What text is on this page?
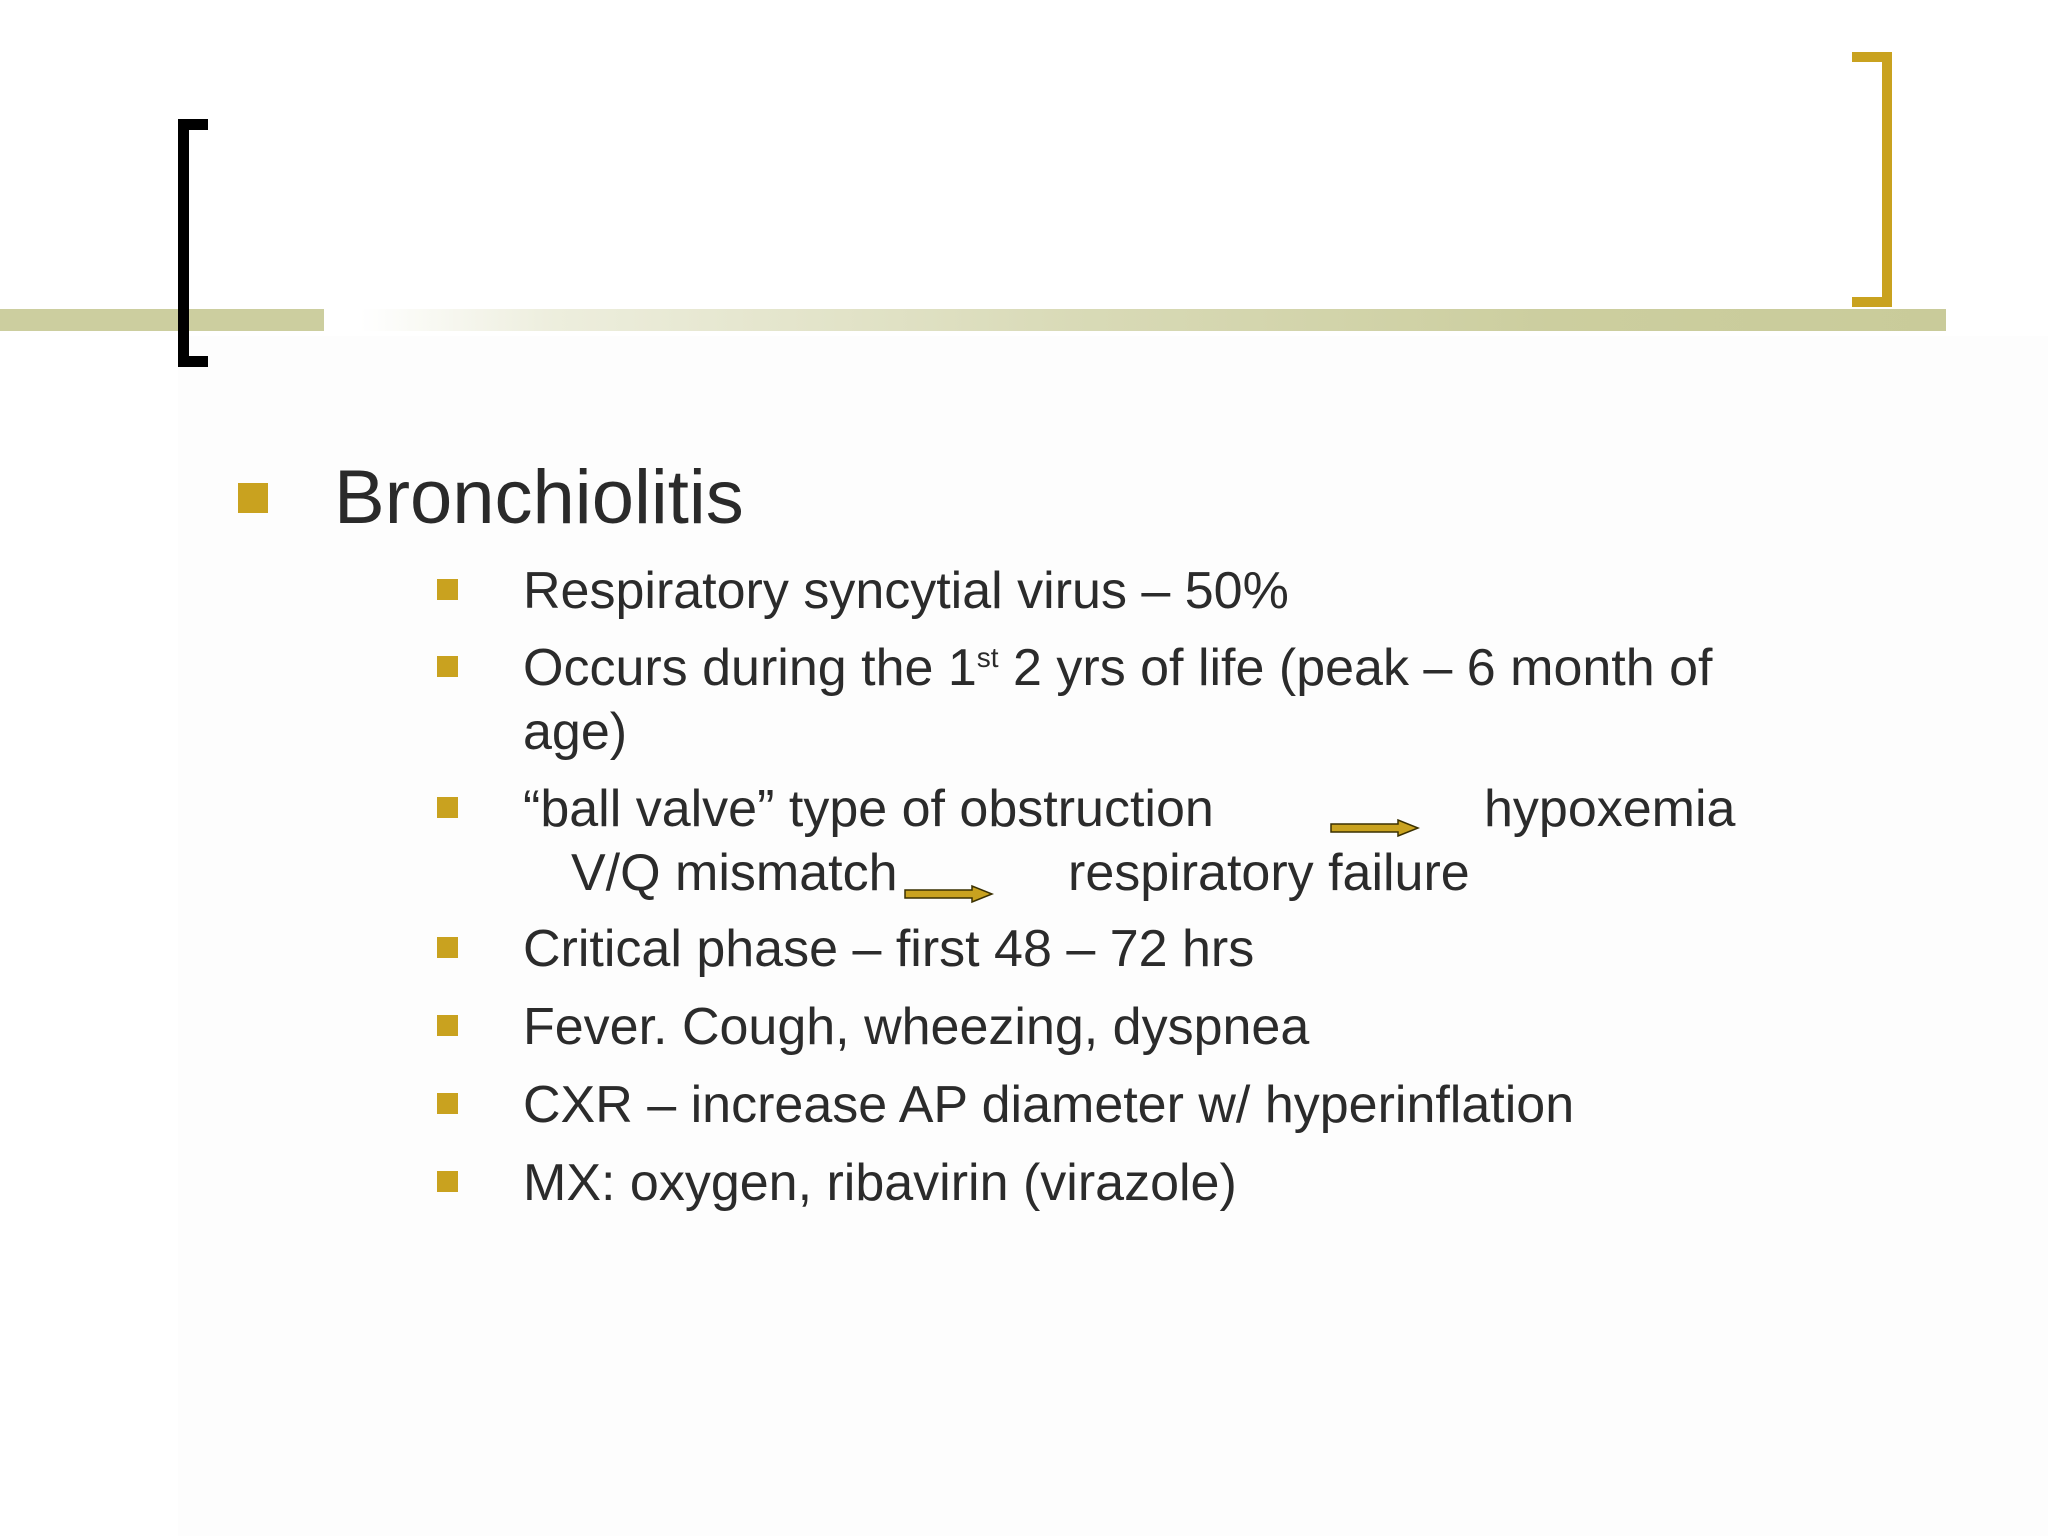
Bronchiolitis
Respiratory syncytial virus – 50%
Occurs during the 1st 2 yrs of life (peak – 6 month of
age)
“ball valve” type of obstruction	hypoxemia
V/Q mismatch	respiratory failure
Critical phase – first 48 – 72 hrs
Fever. Cough, wheezing, dyspnea
CXR – increase AP diameter w/ hyperinflation
MX: oxygen, ribavirin (virazole)
